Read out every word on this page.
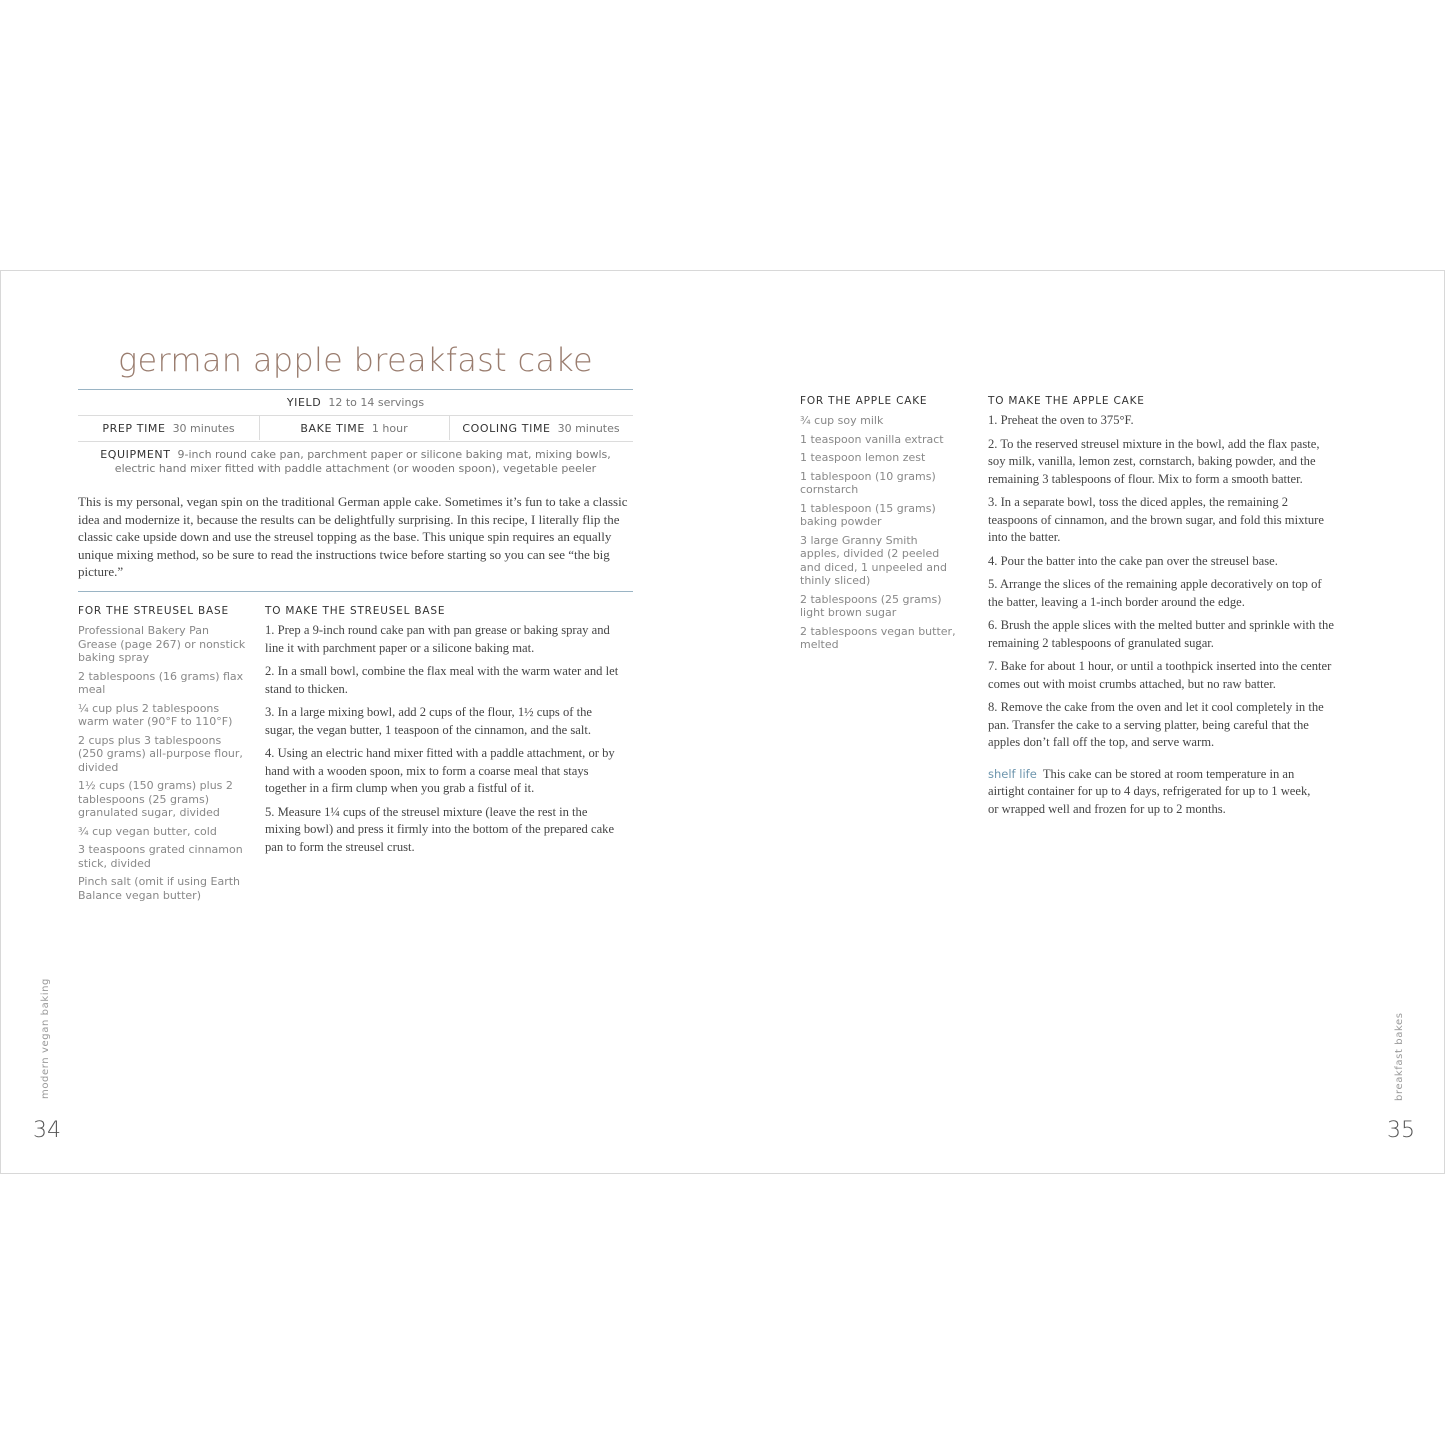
german apple breakfast cake
YIELD 12 to 14 servings
PREP TIME 30 minutes	BAKE TIME 1 hour	COOLING TIME 30 minutes
EQUIPMENT 9-inch round cake pan, parchment paper or silicone baking mat, mixing bowls,
electric hand mixer fitted with paddle attachment (or wooden spoon), vegetable peeler
This is my personal, vegan spin on the traditional German apple cake. Sometimes it’s fun to take a classic idea and modernize it, because the results can be delightfully surprising. In this recipe, I literally flip the classic cake upside down and use the streusel topping as the base. This unique spin requires an equally unique mixing method, so be sure to read the instructions twice before starting so you can see “the big picture.”
FOR THE STREUSEL BASE
Professional Bakery Pan Grease (page 267) or nonstick baking spray
2 tablespoons (16 grams) flax meal
¼ cup plus 2 tablespoons warm water (90°F to 110°F)
2 cups plus 3 tablespoons (250 grams) all-purpose flour, divided
1½ cups (150 grams) plus 2 tablespoons (25 grams) granulated sugar, divided
¾ cup vegan butter, cold
3 teaspoons grated cinnamon stick, divided
Pinch salt (omit if using Earth Balance vegan butter)
TO MAKE THE STREUSEL BASE
1. Prep a 9-inch round cake pan with pan grease or baking spray and line it with parchment paper or a silicone baking mat.
2. In a small bowl, combine the flax meal with the warm water and let stand to thicken.
3. In a large mixing bowl, add 2 cups of the flour, 1½ cups of the sugar, the vegan butter, 1 teaspoon of the cinnamon, and the salt.
4. Using an electric hand mixer fitted with a paddle attachment, or by hand with a wooden spoon, mix to form a coarse meal that stays together in a firm clump when you grab a fistful of it.
5. Measure 1¼ cups of the streusel mixture (leave the rest in the mixing bowl) and press it firmly into the bottom of the prepared cake pan to form the streusel crust.
modern vegan baking
34
FOR THE APPLE CAKE
¾ cup soy milk
1 teaspoon vanilla extract
1 teaspoon lemon zest
1 tablespoon (10 grams) cornstarch
1 tablespoon (15 grams) baking powder
3 large Granny Smith apples, divided (2 peeled and diced, 1 unpeeled and thinly sliced)
2 tablespoons (25 grams) light brown sugar
2 tablespoons vegan butter, melted
TO MAKE THE APPLE CAKE
1. Preheat the oven to 375°F.
2. To the reserved streusel mixture in the bowl, add the flax paste, soy milk, vanilla, lemon zest, cornstarch, baking powder, and the remaining 3 tablespoons of flour. Mix to form a smooth batter.
3. In a separate bowl, toss the diced apples, the remaining 2 teaspoons of cinnamon, and the brown sugar, and fold this mixture into the batter.
4. Pour the batter into the cake pan over the streusel base.
5. Arrange the slices of the remaining apple decoratively on top of the batter, leaving a 1-inch border around the edge.
6. Brush the apple slices with the melted butter and sprinkle with the remaining 2 tablespoons of granulated sugar.
7. Bake for about 1 hour, or until a toothpick inserted into the center comes out with moist crumbs attached, but no raw batter.
8. Remove the cake from the oven and let it cool completely in the pan. Transfer the cake to a serving platter, being careful that the apples don’t fall off the top, and serve warm.
shelf life This cake can be stored at room temperature in an airtight container for up to 4 days, refrigerated for up to 1 week, or wrapped well and frozen for up to 2 months.
breakfast bakes
35
